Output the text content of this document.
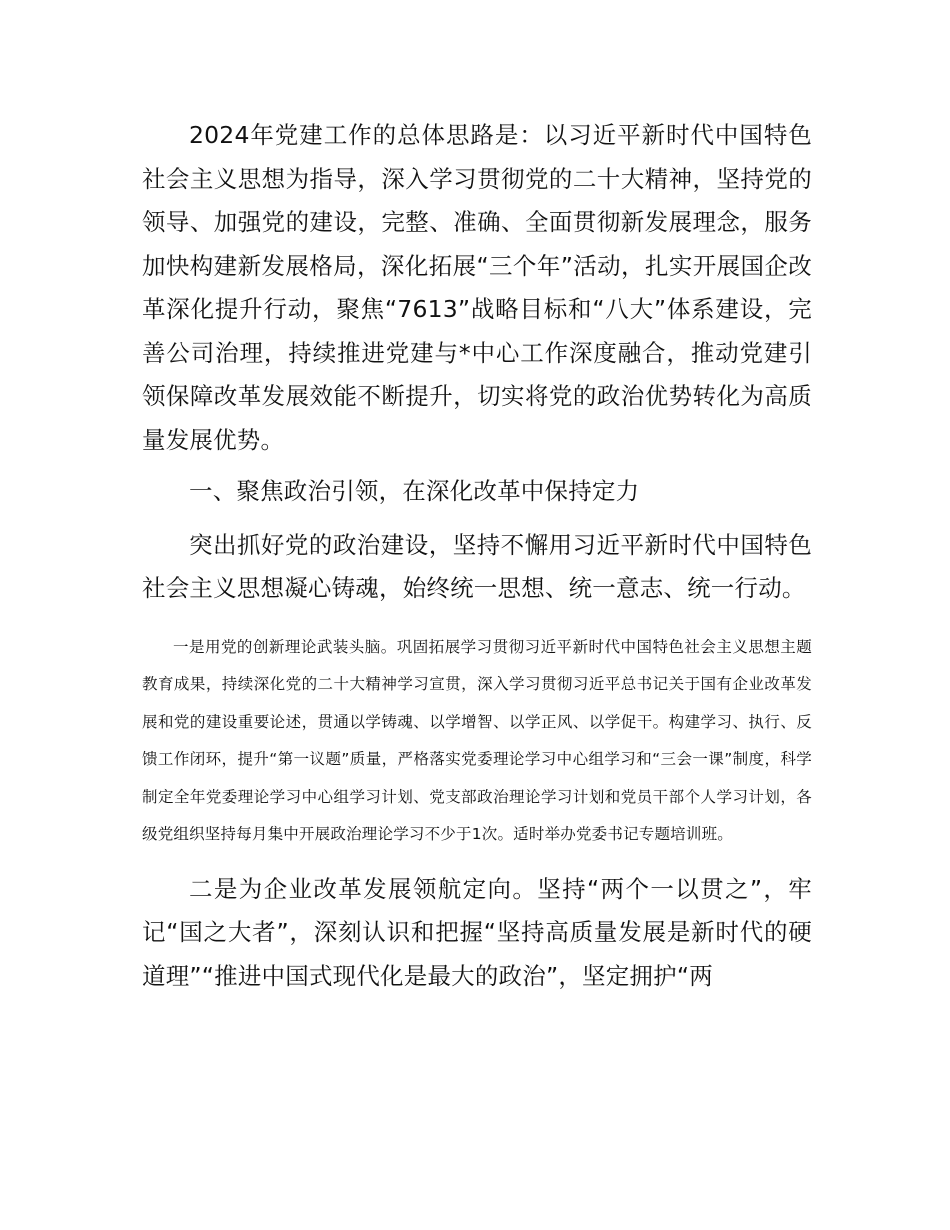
2024年党建工作的总体思路是：以习近平新时代中国特色社会主义思想为指导，深入学习贯彻党的二十大精神，坚持党的领导、加强党的建设，完整、准确、全面贯彻新发展理念，服务加快构建新发展格局，深化拓展“三个年”活动，扎实开展国企改革深化提升行动，聚焦“7613”战略目标和“八大”体系建设，完善公司治理，持续推进党建与*中心工作深度融合，推动党建引领保障改革发展效能不断提升，切实将党的政治优势转化为高质量发展优势。

一、聚焦政治引领，在深化改革中保持定力

突出抓好党的政治建设，坚持不懈用习近平新时代中国特色社会主义思想凝心铸魂，始终统一思想、统一意志、统一行动。

一是用党的创新理论武装头脑。巩固拓展学习贯彻习近平新时代中国特色社会主义思想主题教育成果，持续深化党的二十大精神学习宣贯，深入学习贯彻习近平总书记关于国有企业改革发展和党的建设重要论述，贯通以学铸魂、以学增智、以学正风、以学促干。构建学习、执行、反馈工作闭环，提升“第一议题”质量，严格落实党委理论学习中心组学习和“三会一课”制度，科学制定全年党委理论学习中心组学习计划、党支部政治理论学习计划和党员干部个人学习计划，各级党组织坚持每月集中开展政治理论学习不少于1次。适时举办党委书记专题培训班。

二是为企业改革发展领航定向。坚持“两个一以贯之”，牢记“国之大者”，深刻认识和把握“坚持高质量发展是新时代的硬道理”“推进中国式现代化是最大的政治”，坚定拥护“两
